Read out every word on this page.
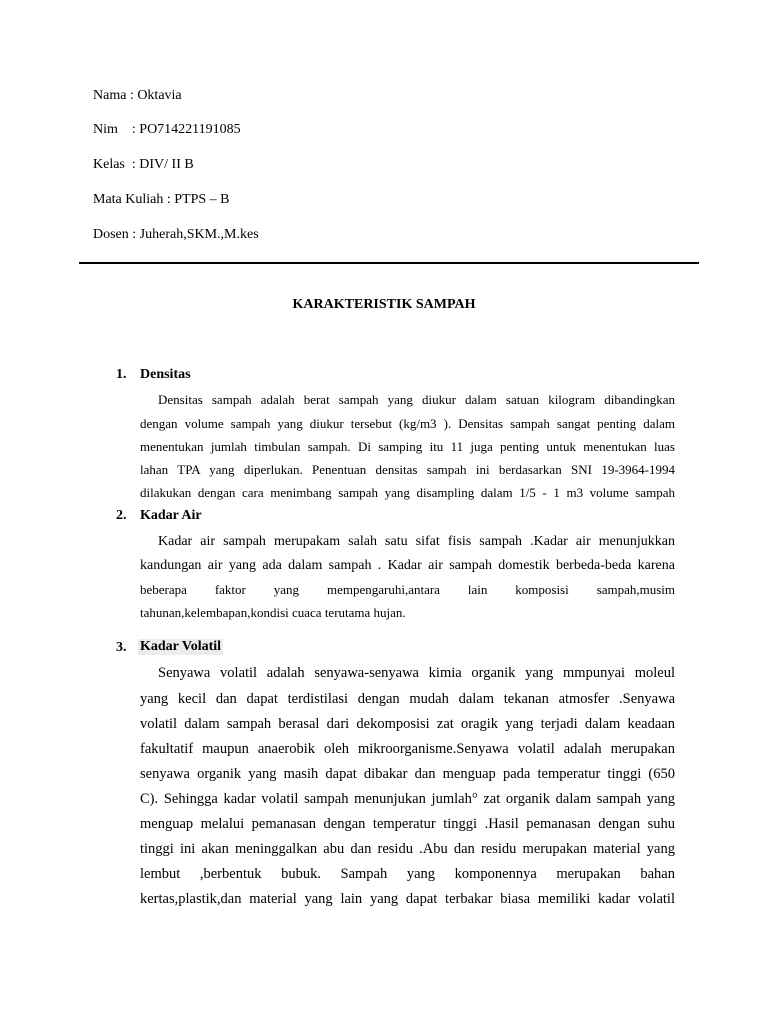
Nama : Oktavia
Nim    : PO714221191085
Kelas  : DIV/ II B
Mata Kuliah : PTPS – B
Dosen : Juherah,SKM.,M.kes
KARAKTERISTIK SAMPAH
1. Densitas
Densitas sampah adalah berat sampah yang diukur dalam satuan kilogram dibandingkan
dengan volume sampah yang diukur tersebut (kg/m3 ). Densitas sampah sangat penting dalam
menentukan jumlah timbulan sampah. Di samping itu 11 juga penting untuk menentukan luas
lahan TPA yang diperlukan. Penentuan densitas sampah ini berdasarkan SNI 19-3964-1994
dilakukan dengan cara menimbang sampah yang disampling dalam 1/5 - 1 m3 volume sampah
2. Kadar Air
Kadar air sampah merupakam salah satu sifat fisis sampah .Kadar air menunjukkan
kandungan air yang ada dalam sampah . Kadar air sampah domestik berbeda-beda karena
beberapa faktor yang mempengaruhi,antara lain komposisi sampah,musim
tahunan,kelembapan,kondisi cuaca terutama hujan.
3. Kadar Volatil
Senyawa volatil adalah senyawa-senyawa kimia organik yang mmpunyai moleul
yang kecil dan dapat terdistilasi dengan mudah dalam tekanan atmosfer .Senyawa
volatil dalam sampah berasal dari dekomposisi zat oragik yang terjadi dalam keadaan
fakultatif maupun anaerobik oleh mikroorganisme.Senyawa volatil adalah merupakan
senyawa organik yang masih dapat dibakar dan menguap pada temperatur tinggi (650
C). Sehingga kadar volatil sampah menunjukan jumlah° zat organik dalam sampah yang
menguap melalui pemanasan dengan temperatur tinggi .Hasil pemanasan dengan suhu
tinggi ini akan meninggalkan abu dan residu .Abu dan residu merupakan material yang
lembut ,berbentuk bubuk. Sampah yang komponennya merupakan bahan
kertas,plastik,dan material yang lain yang dapat terbakar biasa memiliki kadar volatil
